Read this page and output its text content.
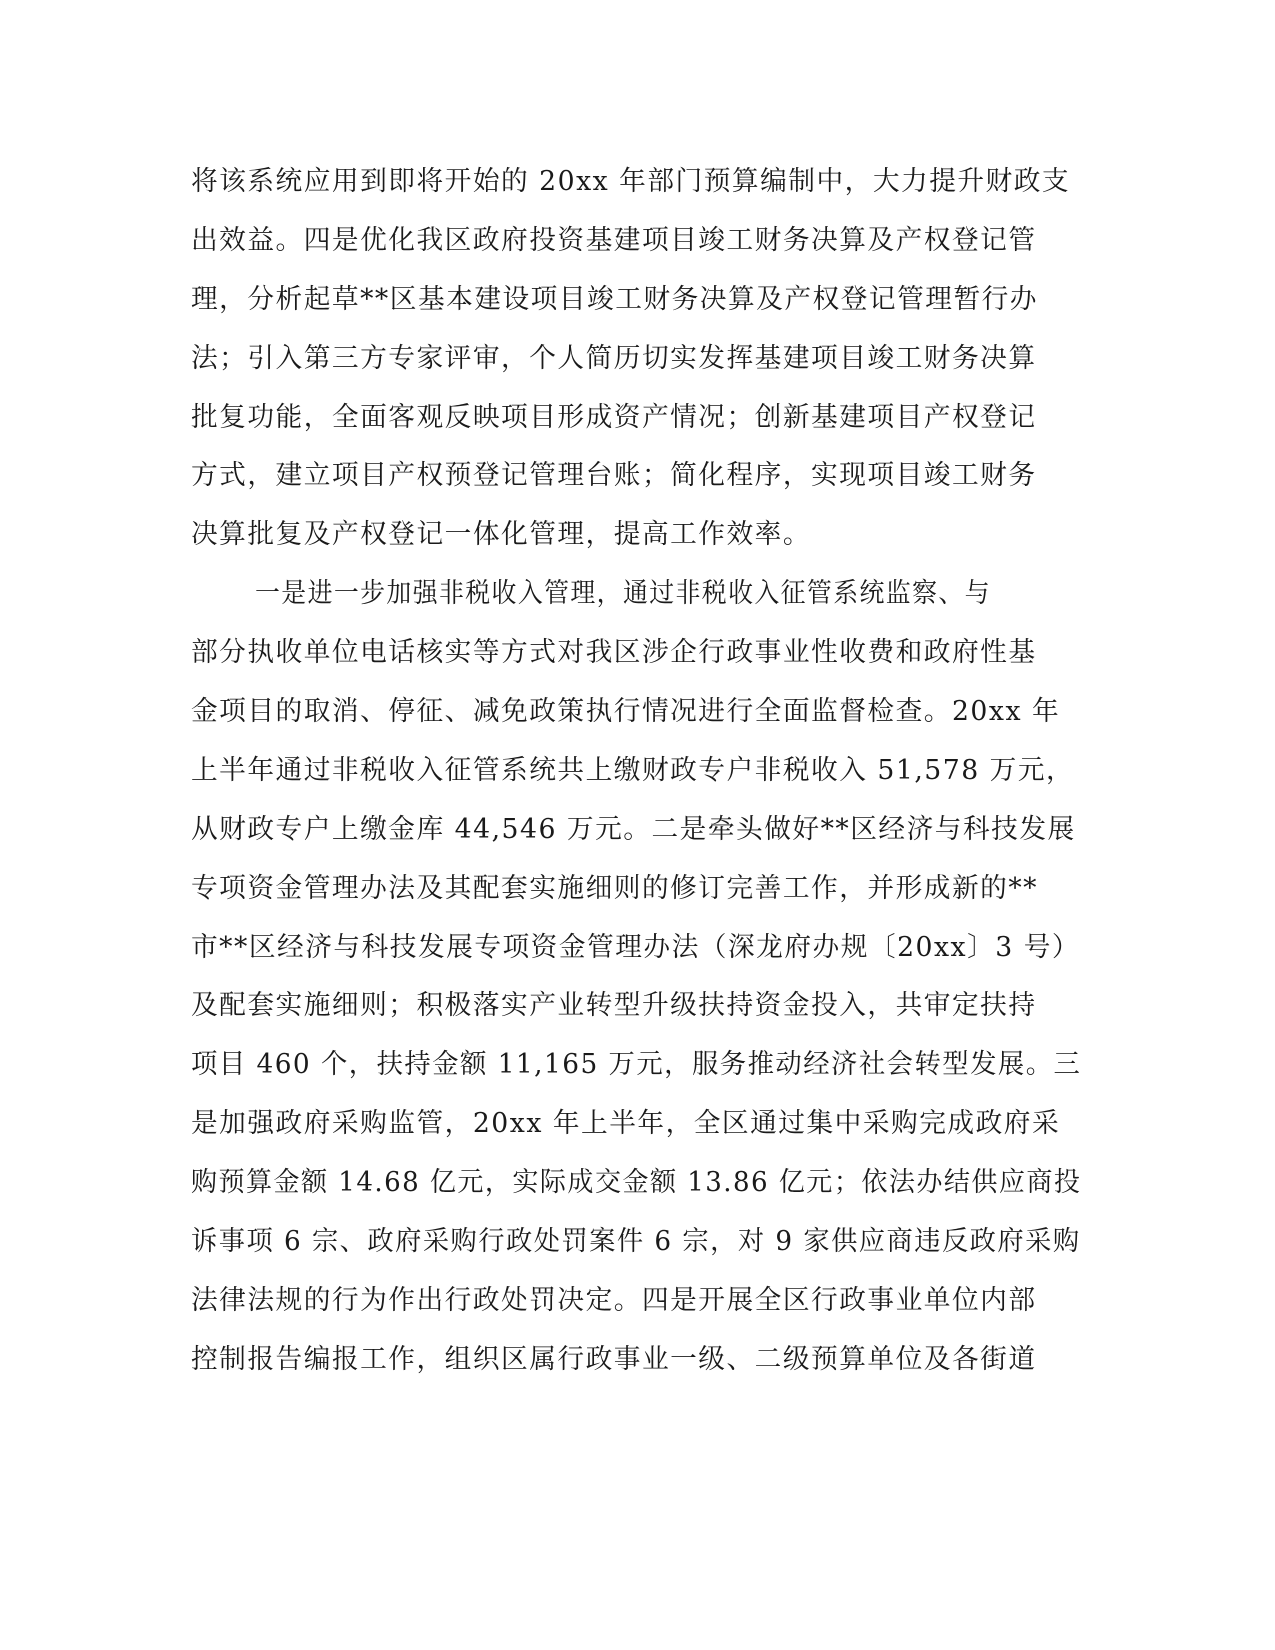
将该系统应用到即将开始的 20xx 年部门预算编制中，大力提升财政支
出效益。四是优化我区政府投资基建项目竣工财务决算及产权登记管
理，分析起草**区基本建设项目竣工财务决算及产权登记管理暂行办
法；引入第三方专家评审，个人简历切实发挥基建项目竣工财务决算
批复功能，全面客观反映项目形成资产情况；创新基建项目产权登记
方式，建立项目产权预登记管理台账；简化程序，实现项目竣工财务
决算批复及产权登记一体化管理，提高工作效率。
一是进一步加强非税收入管理，通过非税收入征管系统监察、与
部分执收单位电话核实等方式对我区涉企行政事业性收费和政府性基
金项目的取消、停征、减免政策执行情况进行全面监督检查。20xx 年
上半年通过非税收入征管系统共上缴财政专户非税收入 51,578 万元，
从财政专户上缴金库 44,546 万元。二是牵头做好**区经济与科技发展
专项资金管理办法及其配套实施细则的修订完善工作，并形成新的**
市**区经济与科技发展专项资金管理办法（深龙府办规〔20xx〕3 号）
及配套实施细则；积极落实产业转型升级扶持资金投入，共审定扶持
项目 460 个，扶持金额 11,165 万元，服务推动经济社会转型发展。三
是加强政府采购监管，20xx 年上半年，全区通过集中采购完成政府采
购预算金额 14.68 亿元，实际成交金额 13.86 亿元；依法办结供应商投
诉事项 6 宗、政府采购行政处罚案件 6 宗，对 9 家供应商违反政府采购
法律法规的行为作出行政处罚决定。四是开展全区行政事业单位内部
控制报告编报工作，组织区属行政事业一级、二级预算单位及各街道
